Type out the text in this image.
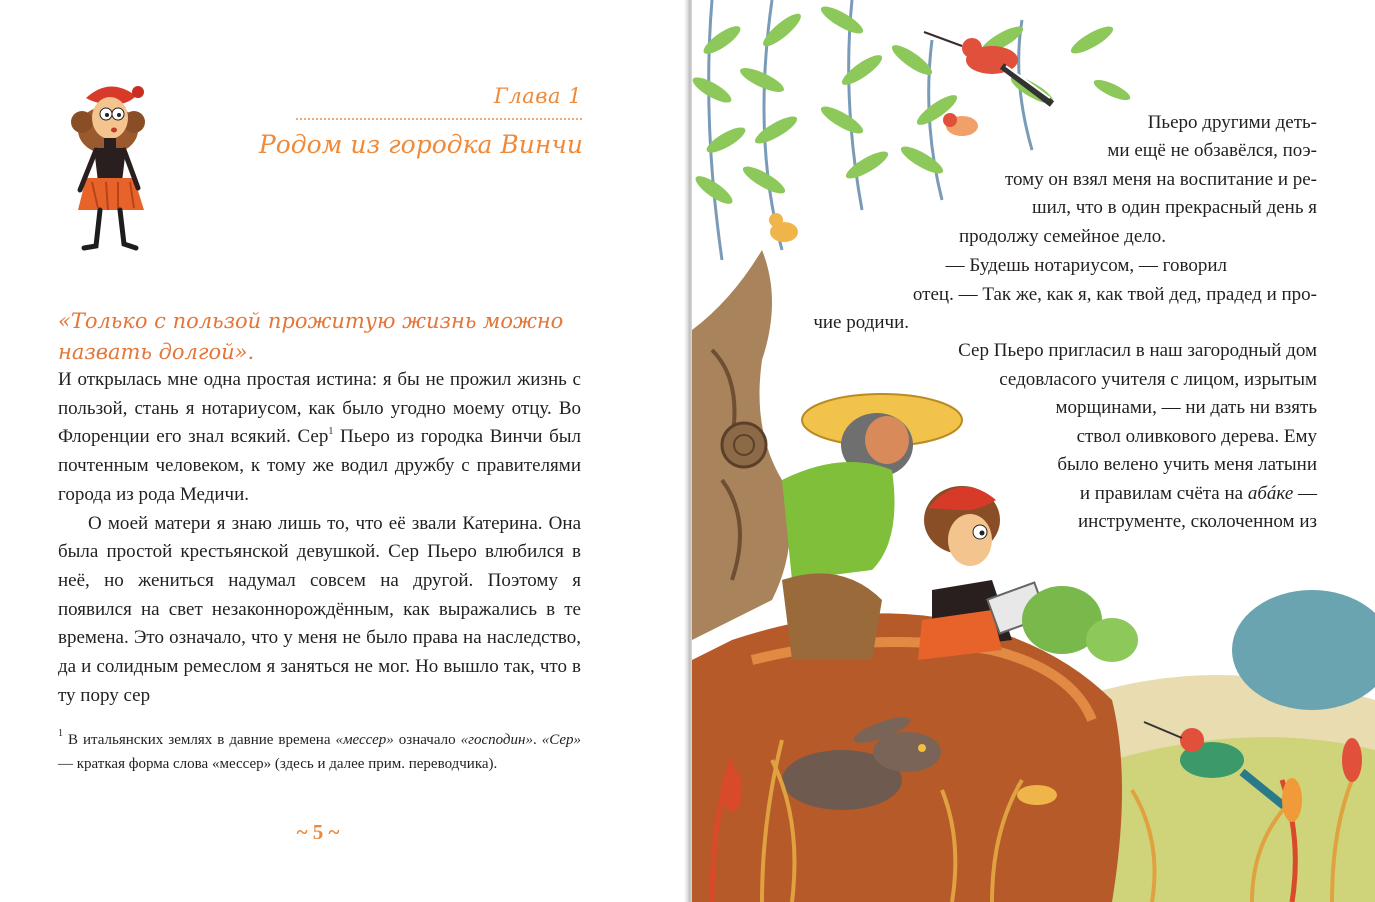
Глава 1
Родом из городка Винчи
«Только с пользой прожитую жизнь можно
назвать долгой».

И открылась мне одна простая истина: я бы не прожил жизнь с пользой, стань я нотариусом, как было угодно моему отцу. Во Флоренции его знал всякий. Сер$^1$ Пьеро из городка Винчи был почтенным человеком, к тому же водил дружбу с правителями города из рода Медичи.

О моей матери я знаю лишь то, что её звали Катерина. Она была простой крестьянской девушкой. Сер Пьеро влюбился в неё, но жениться надумал совсем на другой. Поэтому я появился на свет незаконнорождённым, как выражались в те времена. Это означало, что у меня не было права на наследство, да и солидным ремеслом я заняться не мог. Но вышло так, что в ту пору сер

$^1$ В итальянских землях в давние времена «мессер» означало «господин». «Сер» — краткая форма слова «мессер» (здесь и далее прим. переводчика).
~ 5 ~
Пьеро другими деть-
ми ещё не обзавёлся, поэ-
тому он взял меня на воспитание и ре-
шил, что в один прекрасный день я
продолжу семейное дело.
— Будешь нотариусом, — говорил
отец. — Так же, как я, как твой дед, прадед и про-
чие родичи.
Сер Пьеро пригласил в наш загородный дом
седовласого учителя с лицом, изрытым
морщинами, — ни дать ни взять
ствол оливкового дерева. Ему
было велено учить меня латыни
и правилам счёта на абáке —
инструменте, сколоченном из
